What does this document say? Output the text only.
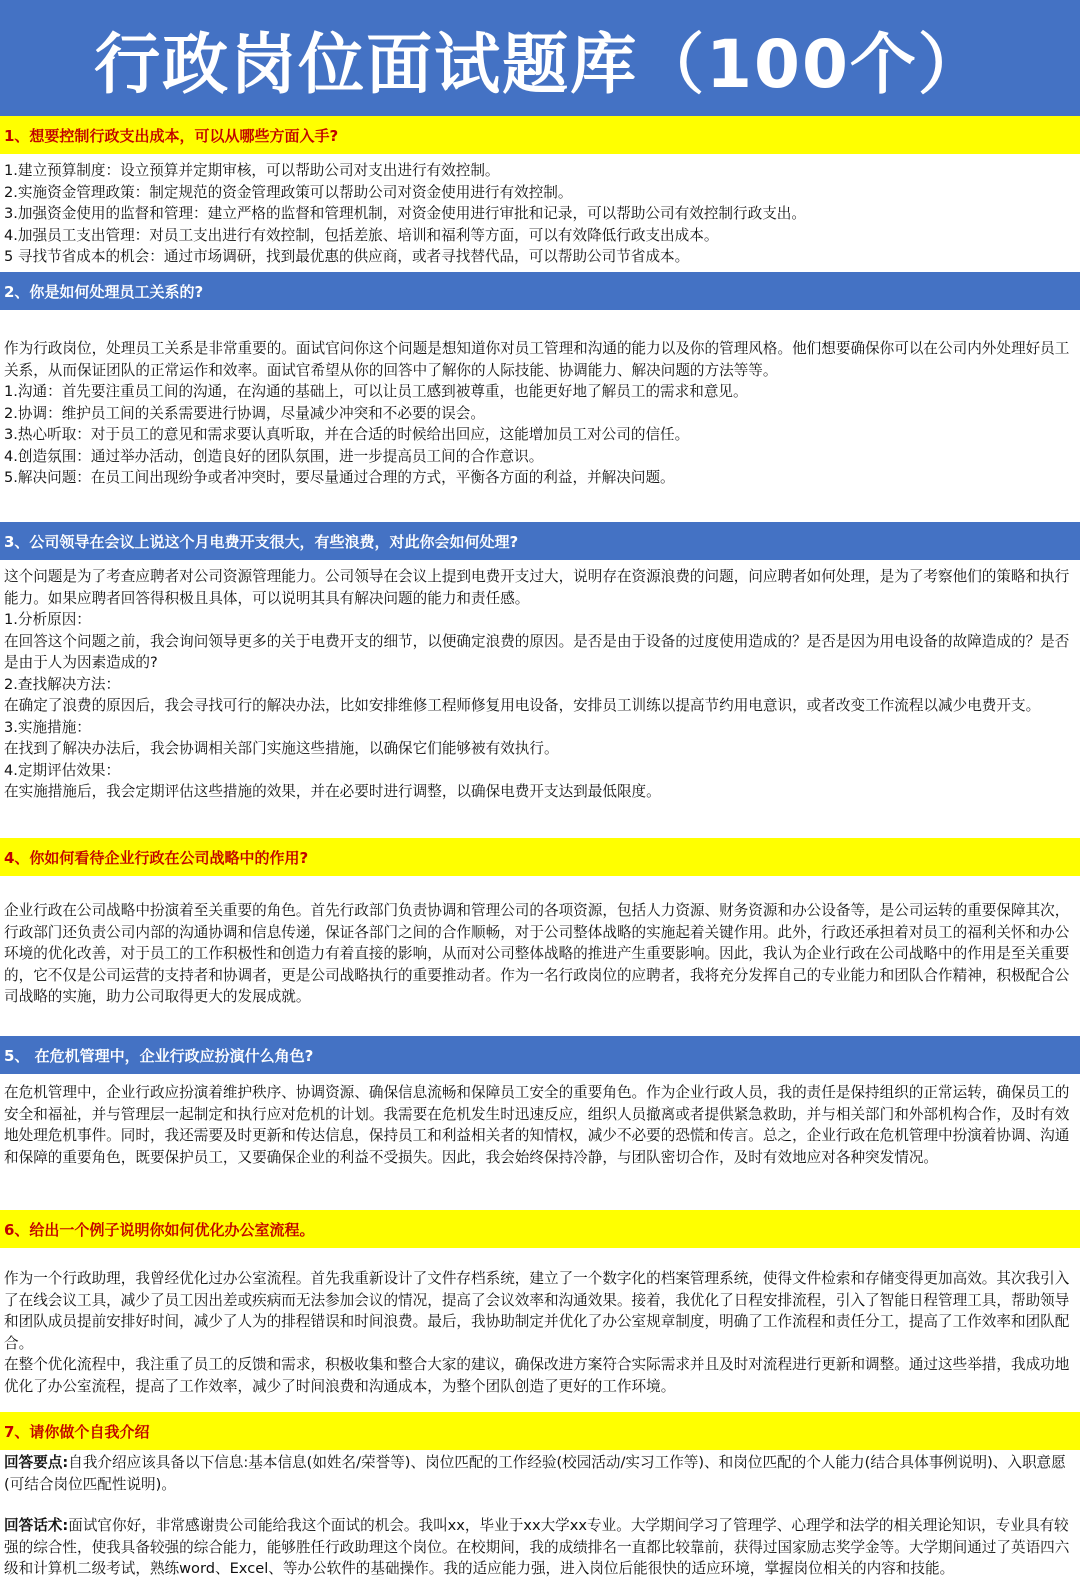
行政岗位面试题库（100个）
1、想要控制行政支出成本，可以从哪些方面入手?

1.建立预算制度：设立预算并定期审核，可以帮助公司对支出进行有效控制。

2.实施资金管理政策：制定规范的资金管理政策可以帮助公司对资金使用进行有效控制。

3.加强资金使用的监督和管理：建立严格的监督和管理机制，对资金使用进行审批和记录，可以帮助公司有效控制行政支出。

4.加强员工支出管理：对员工支出进行有效控制，包括差旅、培训和福利等方面，可以有效降低行政支出成本。

5 寻找节省成本的机会：通过市场调研，找到最优惠的供应商，或者寻找替代品，可以帮助公司节省成本。

2、你是如何处理员工关系的?

作为行政岗位，处理员工关系是非常重要的。面试官问你这个问题是想知道你对员工管理和沟通的能力以及你的管理风格。他们想要确保你可以在公司内外处理好员工关系，从而保证团队的正常运作和效率。面试官希望从你的回答中了解你的人际技能、协调能力、解决问题的方法等等。

1.沟通：首先要注重员工间的沟通，在沟通的基础上，可以让员工感到被尊重，也能更好地了解员工的需求和意见。

2.协调：维护员工间的关系需要进行协调，尽量减少冲突和不必要的误会。

3.热心听取：对于员工的意见和需求要认真听取，并在合适的时候给出回应，这能增加员工对公司的信任。

4.创造氛围：通过举办活动，创造良好的团队氛围，进一步提高员工间的合作意识。

5.解决问题：在员工间出现纷争或者冲突时，要尽量通过合理的方式，平衡各方面的利益，并解决问题。

3、公司领导在会议上说这个月电费开支很大，有些浪费，对此你会如何处理?

这个问题是为了考查应聘者对公司资源管理能力。公司领导在会议上提到电费开支过大，说明存在资源浪费的问题，问应聘者如何处理，是为了考察他们的策略和执行能力。如果应聘者回答得积极且具体，可以说明其具有解决问题的能力和责任感。

1.分析原因：

在回答这个问题之前，我会询问领导更多的关于电费开支的细节，以便确定浪费的原因。是否是由于设备的过度使用造成的？是否是因为用电设备的故障造成的？是否是由于人为因素造成的?

2.查找解决方法：

在确定了浪费的原因后，我会寻找可行的解决办法，比如安排维修工程师修复用电设备，安排员工训练以提高节约用电意识，或者改变工作流程以减少电费开支。

3.实施措施：

在找到了解决办法后，我会协调相关部门实施这些措施，以确保它们能够被有效执行。

4.定期评估效果：

在实施措施后，我会定期评估这些措施的效果，并在必要时进行调整，以确保电费开支达到最低限度。

4、你如何看待企业行政在公司战略中的作用?

企业行政在公司战略中扮演着至关重要的角色。首先行政部门负责协调和管理公司的各项资源，包括人力资源、财务资源和办公设备等，是公司运转的重要保障其次，行政部门还负责公司内部的沟通协调和信息传递，保证各部门之间的合作顺畅，对于公司整体战略的实施起着关键作用。此外，行政还承担着对员工的福利关怀和办公环境的优化改善，对于员工的工作积极性和创造力有着直接的影响，从而对公司整体战略的推进产生重要影响。因此，我认为企业行政在公司战略中的作用是至关重要的，它不仅是公司运营的支持者和协调者，更是公司战略执行的重要推动者。作为一名行政岗位的应聘者，我将充分发挥自己的专业能力和团队合作精神，积极配合公司战略的实施，助力公司取得更大的发展成就。

5、 在危机管理中，企业行政应扮演什么角色?

在危机管理中，企业行政应扮演着维护秩序、协调资源、确保信息流畅和保障员工安全的重要角色。作为企业行政人员，我的责任是保持组织的正常运转，确保员工的安全和福祉，并与管理层一起制定和执行应对危机的计划。我需要在危机发生时迅速反应，组织人员撤离或者提供紧急救助，并与相关部门和外部机构合作，及时有效地处理危机事件。同时，我还需要及时更新和传达信息，保持员工和利益相关者的知情权，减少不必要的恐慌和传言。总之，企业行政在危机管理中扮演着协调、沟通和保障的重要角色，既要保护员工，又要确保企业的利益不受损失。因此，我会始终保持冷静，与团队密切合作，及时有效地应对各种突发情况。

6、给出一个例子说明你如何优化办公室流程。

作为一个行政助理，我曾经优化过办公室流程。首先我重新设计了文件存档系统，建立了一个数字化的档案管理系统，使得文件检索和存储变得更加高效。其次我引入了在线会议工具，减少了员工因出差或疾病而无法参加会议的情况，提高了会议效率和沟通效果。接着，我优化了日程安排流程，引入了智能日程管理工具，帮助领导和团队成员提前安排好时间，减少了人为的排程错误和时间浪费。最后，我协助制定并优化了办公室规章制度，明确了工作流程和责任分工，提高了工作效率和团队配合。

在整个优化流程中，我注重了员工的反馈和需求，积极收集和整合大家的建议，确保改进方案符合实际需求并且及时对流程进行更新和调整。通过这些举措，我成功地优化了办公室流程，提高了工作效率，减少了时间浪费和沟通成本，为整个团队创造了更好的工作环境。

7、请你做个自我介绍

回答要点:自我介绍应该具备以下信息:基本信息(如姓名/荣誉等)、岗位匹配的工作经验(校园活动/实习工作等)、和岗位匹配的个人能力(结合具体事例说明)、入职意愿(可结合岗位匹配性说明)。

回答话术:面试官你好，非常感谢贵公司能给我这个面试的机会。我叫xx，毕业于xx大学xx专业。大学期间学习了管理学、心理学和法学的相关理论知识，专业具有较强的综合性，使我具备较强的综合能力，能够胜任行政助理这个岗位。在校期间，我的成绩排名一直都比较靠前，获得过国家励志奖学金等。大学期间通过了英语四六级和计算机二级考试，熟练word、Excel、等办公软件的基础操作。我的适应能力强，进入岗位后能很快的适应环境，掌握岗位相关的内容和技能。
